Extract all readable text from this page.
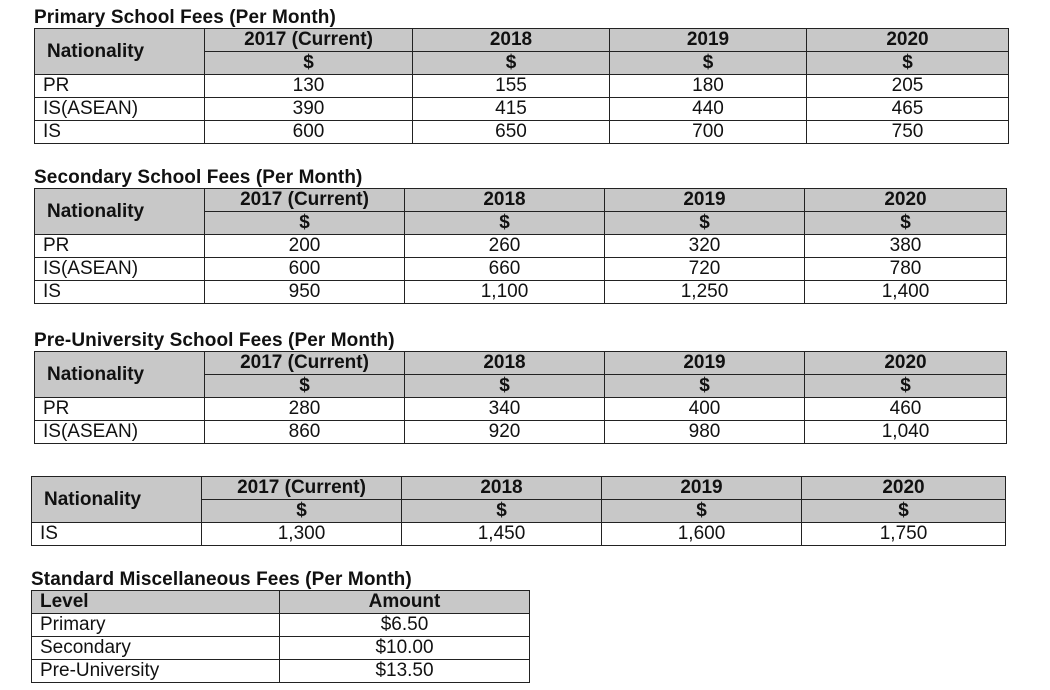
Primary School Fees (Per Month)
Nationality	2017 (Current)	2018	2019	2020
	$	$	$	$
PR	130	155	180	205
IS(ASEAN)	390	415	440	465
IS	600	650	700	750
Secondary School Fees (Per Month)
Nationality	2017 (Current)	2018	2019	2020
	$	$	$	$
PR	200	260	320	380
IS(ASEAN)	600	660	720	780
IS	950	1,100	1,250	1,400
Pre-University School Fees (Per Month)
Nationality	2017 (Current)	2018	2019	2020
	$	$	$	$
PR	280	340	400	460
IS(ASEAN)	860	920	980	1,040
Nationality	2017 (Current)	2018	2019	2020
	$	$	$	$
IS	1,300	1,450	1,600	1,750
Standard Miscellaneous Fees (Per Month)
Level	Amount
Primary	$6.50
Secondary	$10.00
Pre-University	$13.50
